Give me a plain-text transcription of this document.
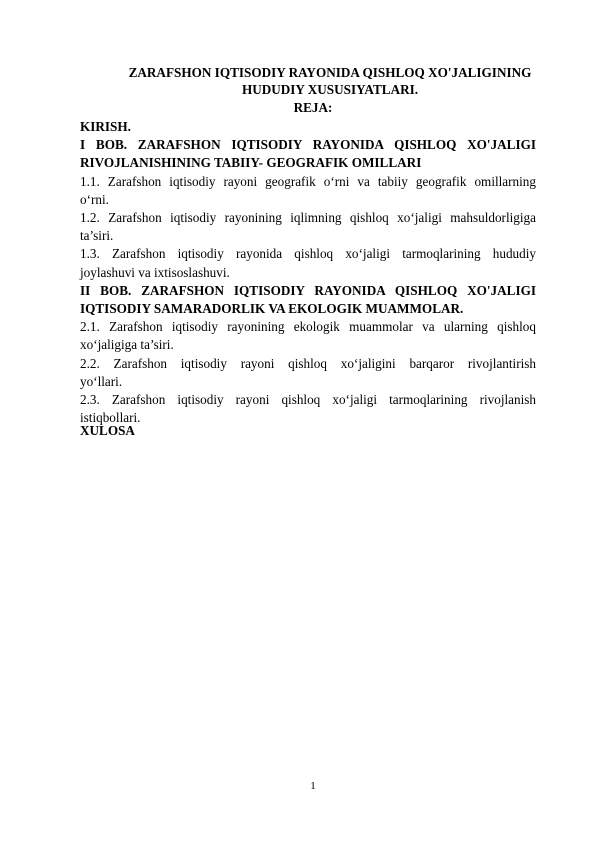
ZARAFSHON IQTISODIY RAYONIDA QISHLOQ XO'JALIGINING
HUDUDIY XUSUSIYATLARI.
REJA:
KIRISH.
I BOB. ZARAFSHON IQTISODIY RAYONIDA QISHLOQ XO'JALIGI
RIVOJLANISHINING TABIIY- GEOGRAFIK OMILLARI
1.1. Zarafshon iqtisodiy rayoni geografik o‘rni va tabiiy geografik omillarning
o‘rni.
1.2. Zarafshon iqtisodiy rayonining iqlimning qishloq xo‘jaligi mahsuldorligiga
ta’siri.
1.3. Zarafshon iqtisodiy rayonida qishloq xo‘jaligi tarmoqlarining hududiy
joylashuvi va ixtisoslashuvi.
II BOB. ZARAFSHON IQTISODIY RAYONIDA QISHLOQ XO'JALIGI
IQTISODIY SAMARADORLIK VA EKOLOGIK MUAMMOLAR.
2.1. Zarafshon iqtisodiy rayonining ekologik muammolar va ularning qishloq
xo‘jaligiga ta’siri.
2.2. Zarafshon iqtisodiy rayoni qishloq xo‘jaligini barqaror rivojlantirish
yo‘llari.
2.3. Zarafshon iqtisodiy rayoni qishloq xo‘jaligi tarmoqlarining rivojlanish
istiqbollari.
XULOSA
1
